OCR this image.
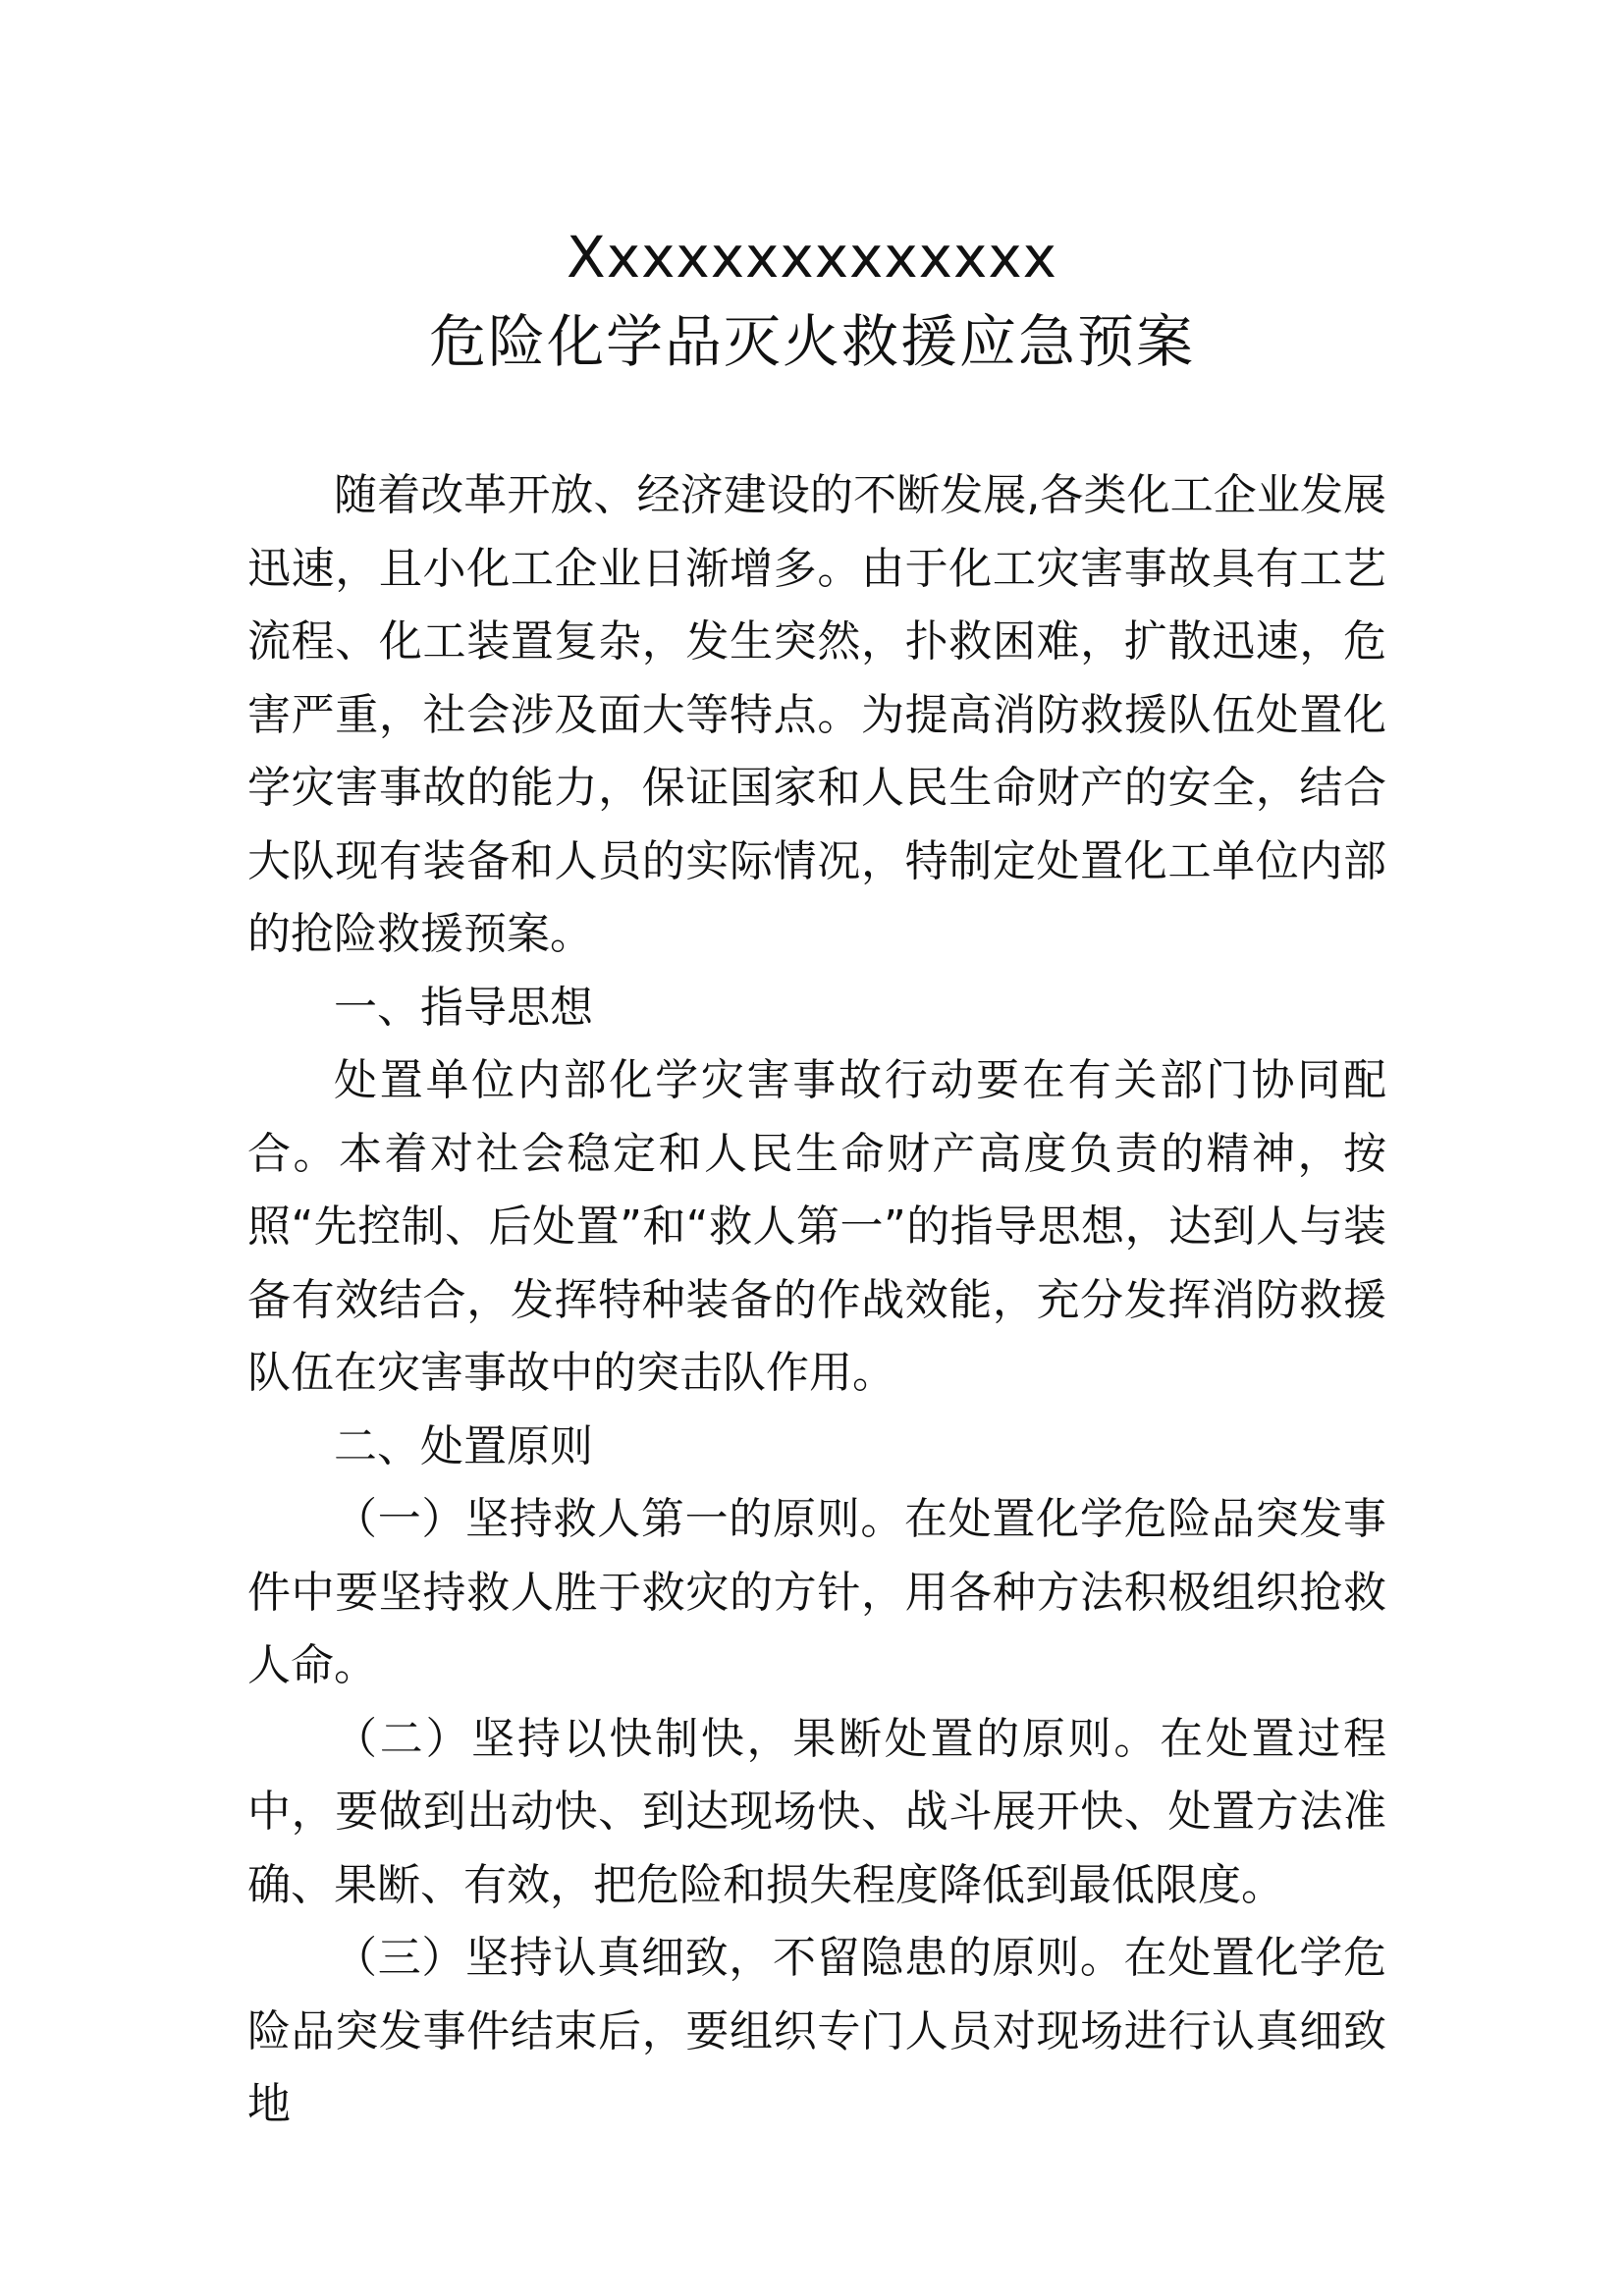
Xxxxxxxxxxxxxx
危险化学品灭火救援应急预案

随着改革开放、经济建设的不断发展,各类化工企业发展迅速，且小化工企业日渐增多。由于化工灾害事故具有工艺流程、化工装置复杂，发生突然，扑救困难，扩散迅速，危害严重，社会涉及面大等特点。为提高消防救援队伍处置化学灾害事故的能力，保证国家和人民生命财产的安全，结合大队现有装备和人员的实际情况，特制定处置化工单位内部的抢险救援预案。

一、指导思想

处置单位内部化学灾害事故行动要在有关部门协同配合。本着对社会稳定和人民生命财产高度负责的精神，按照“先控制、后处置”和“救人第一”的指导思想，达到人与装备有效结合，发挥特种装备的作战效能，充分发挥消防救援队伍在灾害事故中的突击队作用。

二、处置原则

（一）坚持救人第一的原则。在处置化学危险品突发事件中要坚持救人胜于救灾的方针，用各种方法积极组织抢救人命。

（二）坚持以快制快，果断处置的原则。在处置过程中，要做到出动快、到达现场快、战斗展开快、处置方法准确、果断、有效，把危险和损失程度降低到最低限度。

（三）坚持认真细致，不留隐患的原则。在处置化学危险品突发事件结束后，要组织专门人员对现场进行认真细致地
